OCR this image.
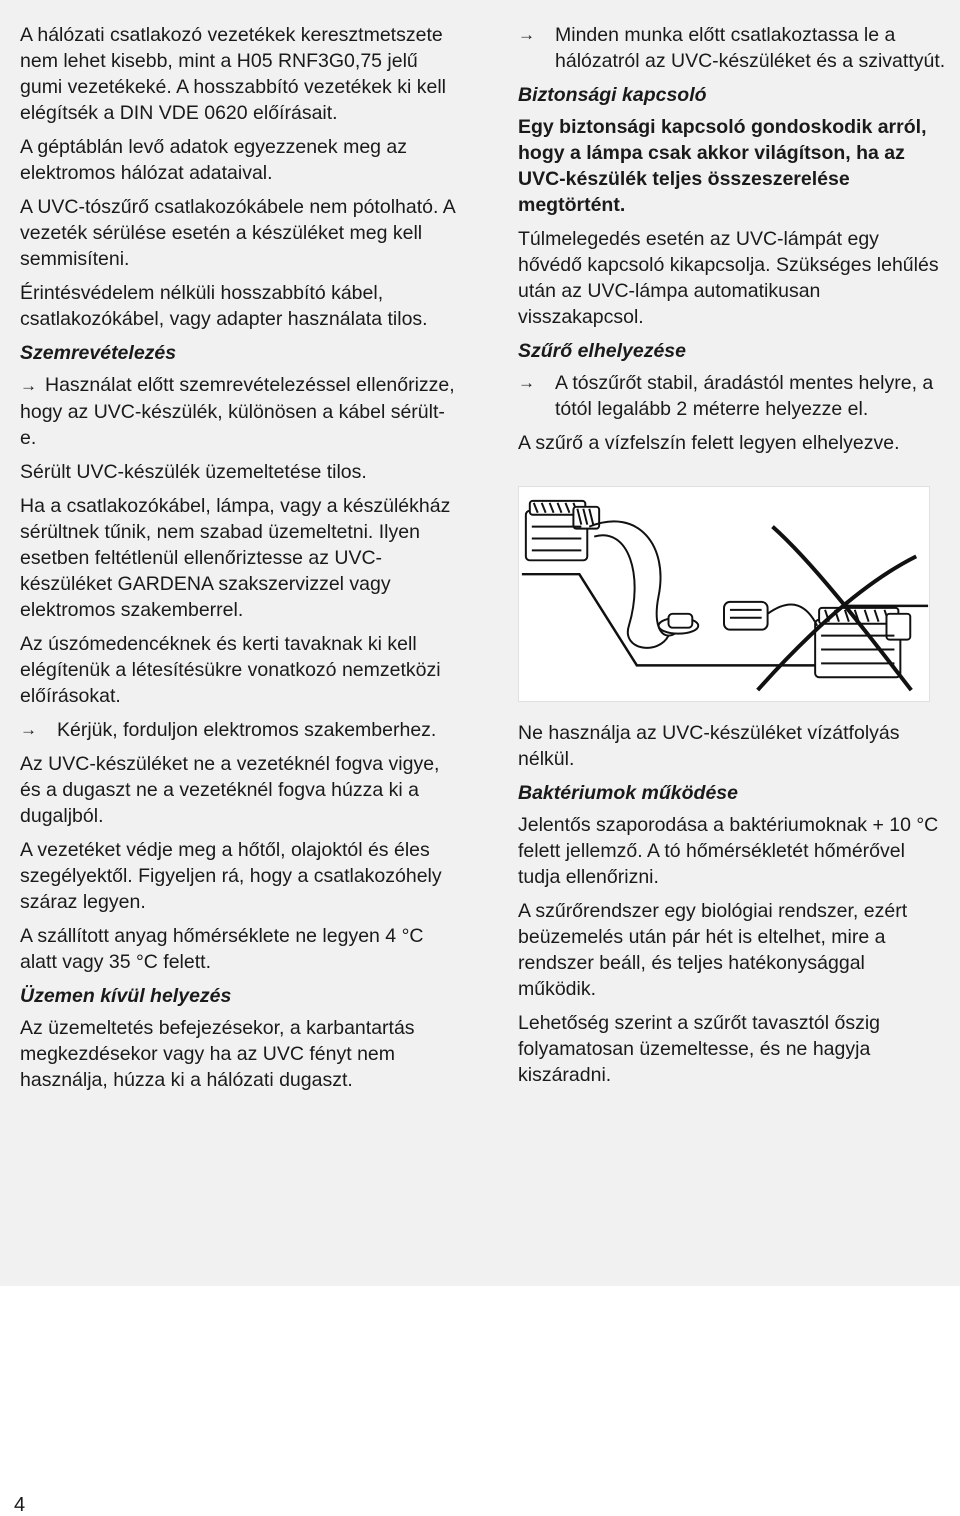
A hálózati csatlakozó vezetékek keresztmetszete nem lehet kisebb, mint a H05 RNF3G0,75 jelű gumi vezetékeké. A hosszabbító vezetékek ki kell elégítsék a DIN VDE 0620 előírásait.

A géptáblán levő adatok egyezzenek meg az elektromos hálózat adataival.

A UVC-tószűrő csatlakozókábele nem pótolható. A vezeték sérülése esetén a készüléket meg kell semmisíteni.

Érintésvédelem nélküli hosszabbító kábel, csatlakozókábel, vagy adapter használata tilos.

Szemrevételezés
→ Használat előtt szemrevételezéssel ellenőrizze, hogy az UVC-készülék, különösen a kábel sérült-e.

Sérült UVC-készülék üzemeltetése tilos.

Ha a csatlakozókábel, lámpa, vagy a készülékház sérültnek tűnik, nem szabad üzemeltetni. Ilyen esetben feltétlenül ellenőriztesse az UVC-készüléket GARDENA szakszervizzel vagy elektromos szakemberrel.

Az úszómedencéknek és kerti tavaknak ki kell elégítenük a létesítésükre vonatkozó nemzetközi előírásokat.

→	Kérjük, forduljon elektromos szakemberhez.

Az UVC-készüléket ne a vezetéknél fogva vigye, és a dugaszt ne a vezetéknél fogva húzza ki a dugaljból.

A vezetéket védje meg a hőtől, olajoktól és éles szegélyektől. Figyeljen rá, hogy a csatlakozóhely száraz legyen.

A szállított anyag hőmérséklete ne legyen 4 °C alatt vagy 35 °C felett.

Üzemen kívül helyezés

Az üzemeltetés befejezésekor, a karbantartás megkezdésekor vagy ha az UVC fényt nem használja, húzza ki a hálózati dugaszt.

→	Minden munka előtt csatlakoztassa le a hálózatról az UVC-készüléket és a szivattyút.
Biztonsági kapcsoló

Egy biztonsági kapcsoló gondoskodik arról, hogy a lámpa csak akkor világítson, ha az UVC-készülék teljes összeszerelése megtörtént.

Túlmelegedés esetén az UVC-lámpát egy hővédő kapcsoló kikapcsolja. Szükséges lehűlés után az UVC-lámpa automatikusan visszakapcsol.

Szűrő elhelyezése
→	A tószűrőt stabil, áradástól mentes helyre, a tótól legalább 2 méterre helyezze el.

A szűrő a vízfelszín felett legyen elhelyezve.

Ne használja az UVC-készüléket vízátfolyás nélkül.

Baktériumok működése

Jelentős szaporodása a baktériumoknak + 10 °C felett jellemző. A tó hőmérsékletét hőmérővel tudja ellenőrizni.

A szűrőrendszer egy biológiai rendszer, ezért beüzemelés után pár hét is eltelhet, mire a rendszer beáll, és teljes hatékonysággal működik.

Lehetőség szerint a szűrőt tavasztól őszig folyamatosan üzemeltesse, és ne hagyja kiszáradni.

4
